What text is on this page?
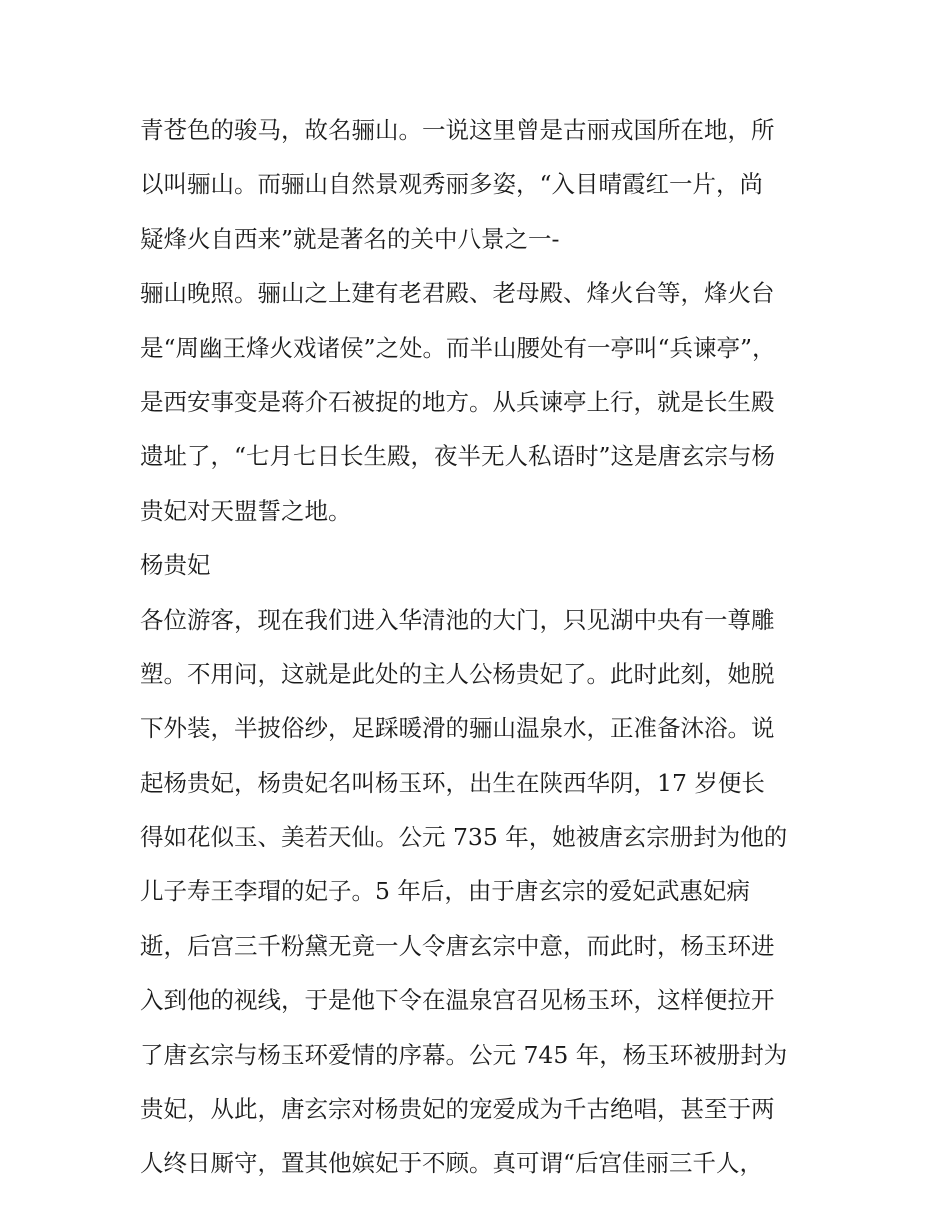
青苍色的骏马，故名骊山。一说这里曾是古丽戎国所在地，所
以叫骊山。而骊山自然景观秀丽多姿，“入目晴霞红一片，尚
疑烽火自西来”就是著名的关中八景之一-
骊山晚照。骊山之上建有老君殿、老母殿、烽火台等，烽火台
是“周幽王烽火戏诸侯”之处。而半山腰处有一亭叫“兵谏亭”，
是西安事变是蒋介石被捉的地方。从兵谏亭上行，就是长生殿
遗址了，“七月七日长生殿，夜半无人私语时”这是唐玄宗与杨
贵妃对天盟誓之地。
杨贵妃
各位游客，现在我们进入华清池的大门，只见湖中央有一尊雕
塑。不用问，这就是此处的主人公杨贵妃了。此时此刻，她脱
下外装，半披俗纱，足踩暖滑的骊山温泉水，正准备沐浴。说
起杨贵妃，杨贵妃名叫杨玉环，出生在陕西华阴，17 岁便长
得如花似玉、美若天仙。公元 735 年，她被唐玄宗册封为他的
儿子寿王李瑁的妃子。5 年后，由于唐玄宗的爱妃武惠妃病
逝，后宫三千粉黛无竟一人令唐玄宗中意，而此时，杨玉环进
入到他的视线，于是他下令在温泉宫召见杨玉环，这样便拉开
了唐玄宗与杨玉环爱情的序幕。公元 745 年，杨玉环被册封为
贵妃，从此，唐玄宗对杨贵妃的宠爱成为千古绝唱，甚至于两
人终日厮守，置其他嫔妃于不顾。真可谓“后宫佳丽三千人，
